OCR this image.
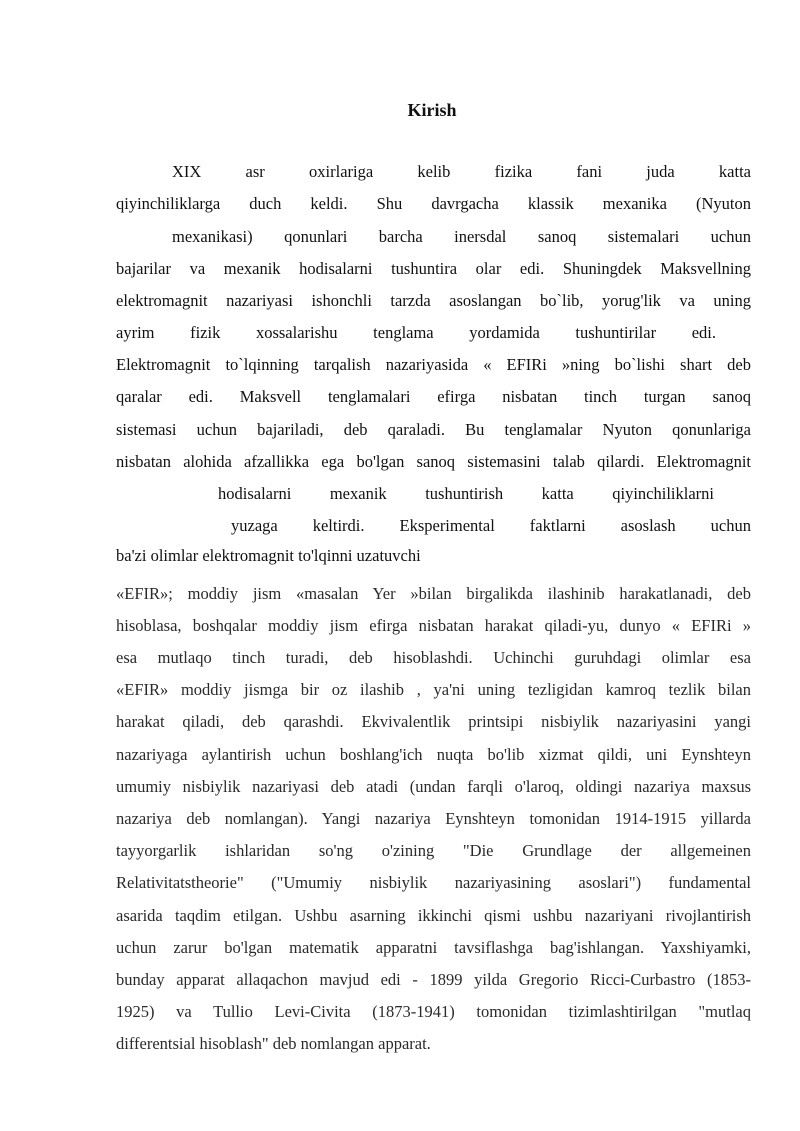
Kirish
XIX asr oxirlariga kelib fizika fani juda katta
qiyinchiliklarga duch keldi. Shu davrgacha klassik mexanika (Nyuton
mexanikasi) qonunlari barcha inersdal sanoq sistemalari uchun
bajarilar va mexanik hodisalarni tushuntira olar edi. Shuningdek Maksvellning
elektromagnit nazariyasi ishonchli tarzda asoslangan bo`lib, yorug'lik va uning
ayrim fizik xossalarishu tenglama yordamida tushuntirilar edi.
Elektromagnit to`lqinning tarqalish nazariyasida « EFIRi »ning bo`lishi shart deb
qaralar edi. Maksvell tenglamalari efirga nisbatan tinch turgan sanoq
sistemasi uchun bajariladi, deb qaraladi. Bu tenglamalar Nyuton qonunlariga
nisbatan alohida afzallikka ega bo'lgan sanoq sistemasini talab qilardi. Elektromagnit
hodisalarni mexanik tushuntirish katta qiyinchiliklarni
yuzaga keltirdi. Eksperimental faktlarni asoslash uchun
ba'zi olimlar elektromagnit to'lqinni uzatuvchi
«EFIR»; moddiy jism «masalan Yer »bilan birgalikda ilashinib harakatlanadi, deb
hisoblasa, boshqalar moddiy jism efirga nisbatan harakat qiladi-yu, dunyo « EFIRi »
esa mutlaqo tinch turadi, deb hisoblashdi. Uchinchi guruhdagi olimlar esa
«EFIR» moddiy jismga bir oz ilashib , ya'ni uning tezligidan kamroq tezlik bilan
harakat qiladi, deb qarashdi. Ekvivalentlik printsipi nisbiylik nazariyasini yangi
nazariyaga aylantirish uchun boshlang'ich nuqta bo'lib xizmat qildi, uni Eynshteyn
umumiy nisbiylik nazariyasi deb atadi (undan farqli o'laroq, oldingi nazariya maxsus
nazariya deb nomlangan). Yangi nazariya Eynshteyn tomonidan 1914-1915 yillarda
tayyorgarlik ishlaridan so'ng o'zining "Die Grundlage der allgemeinen
Relativitatstheorie" ("Umumiy nisbiylik nazariyasining asoslari") fundamental
asarida taqdim etilgan. Ushbu asarning ikkinchi qismi ushbu nazariyani rivojlantirish
uchun zarur bo'lgan matematik apparatni tavsiflashga bag'ishlangan. Yaxshiyamki,
bunday apparat allaqachon mavjud edi - 1899 yilda Gregorio Ricci-Curbastro (1853-
1925) va Tullio Levi-Civita (1873-1941) tomonidan tizimlashtirilgan "mutlaq
differentsial hisoblash" deb nomlangan apparat.
